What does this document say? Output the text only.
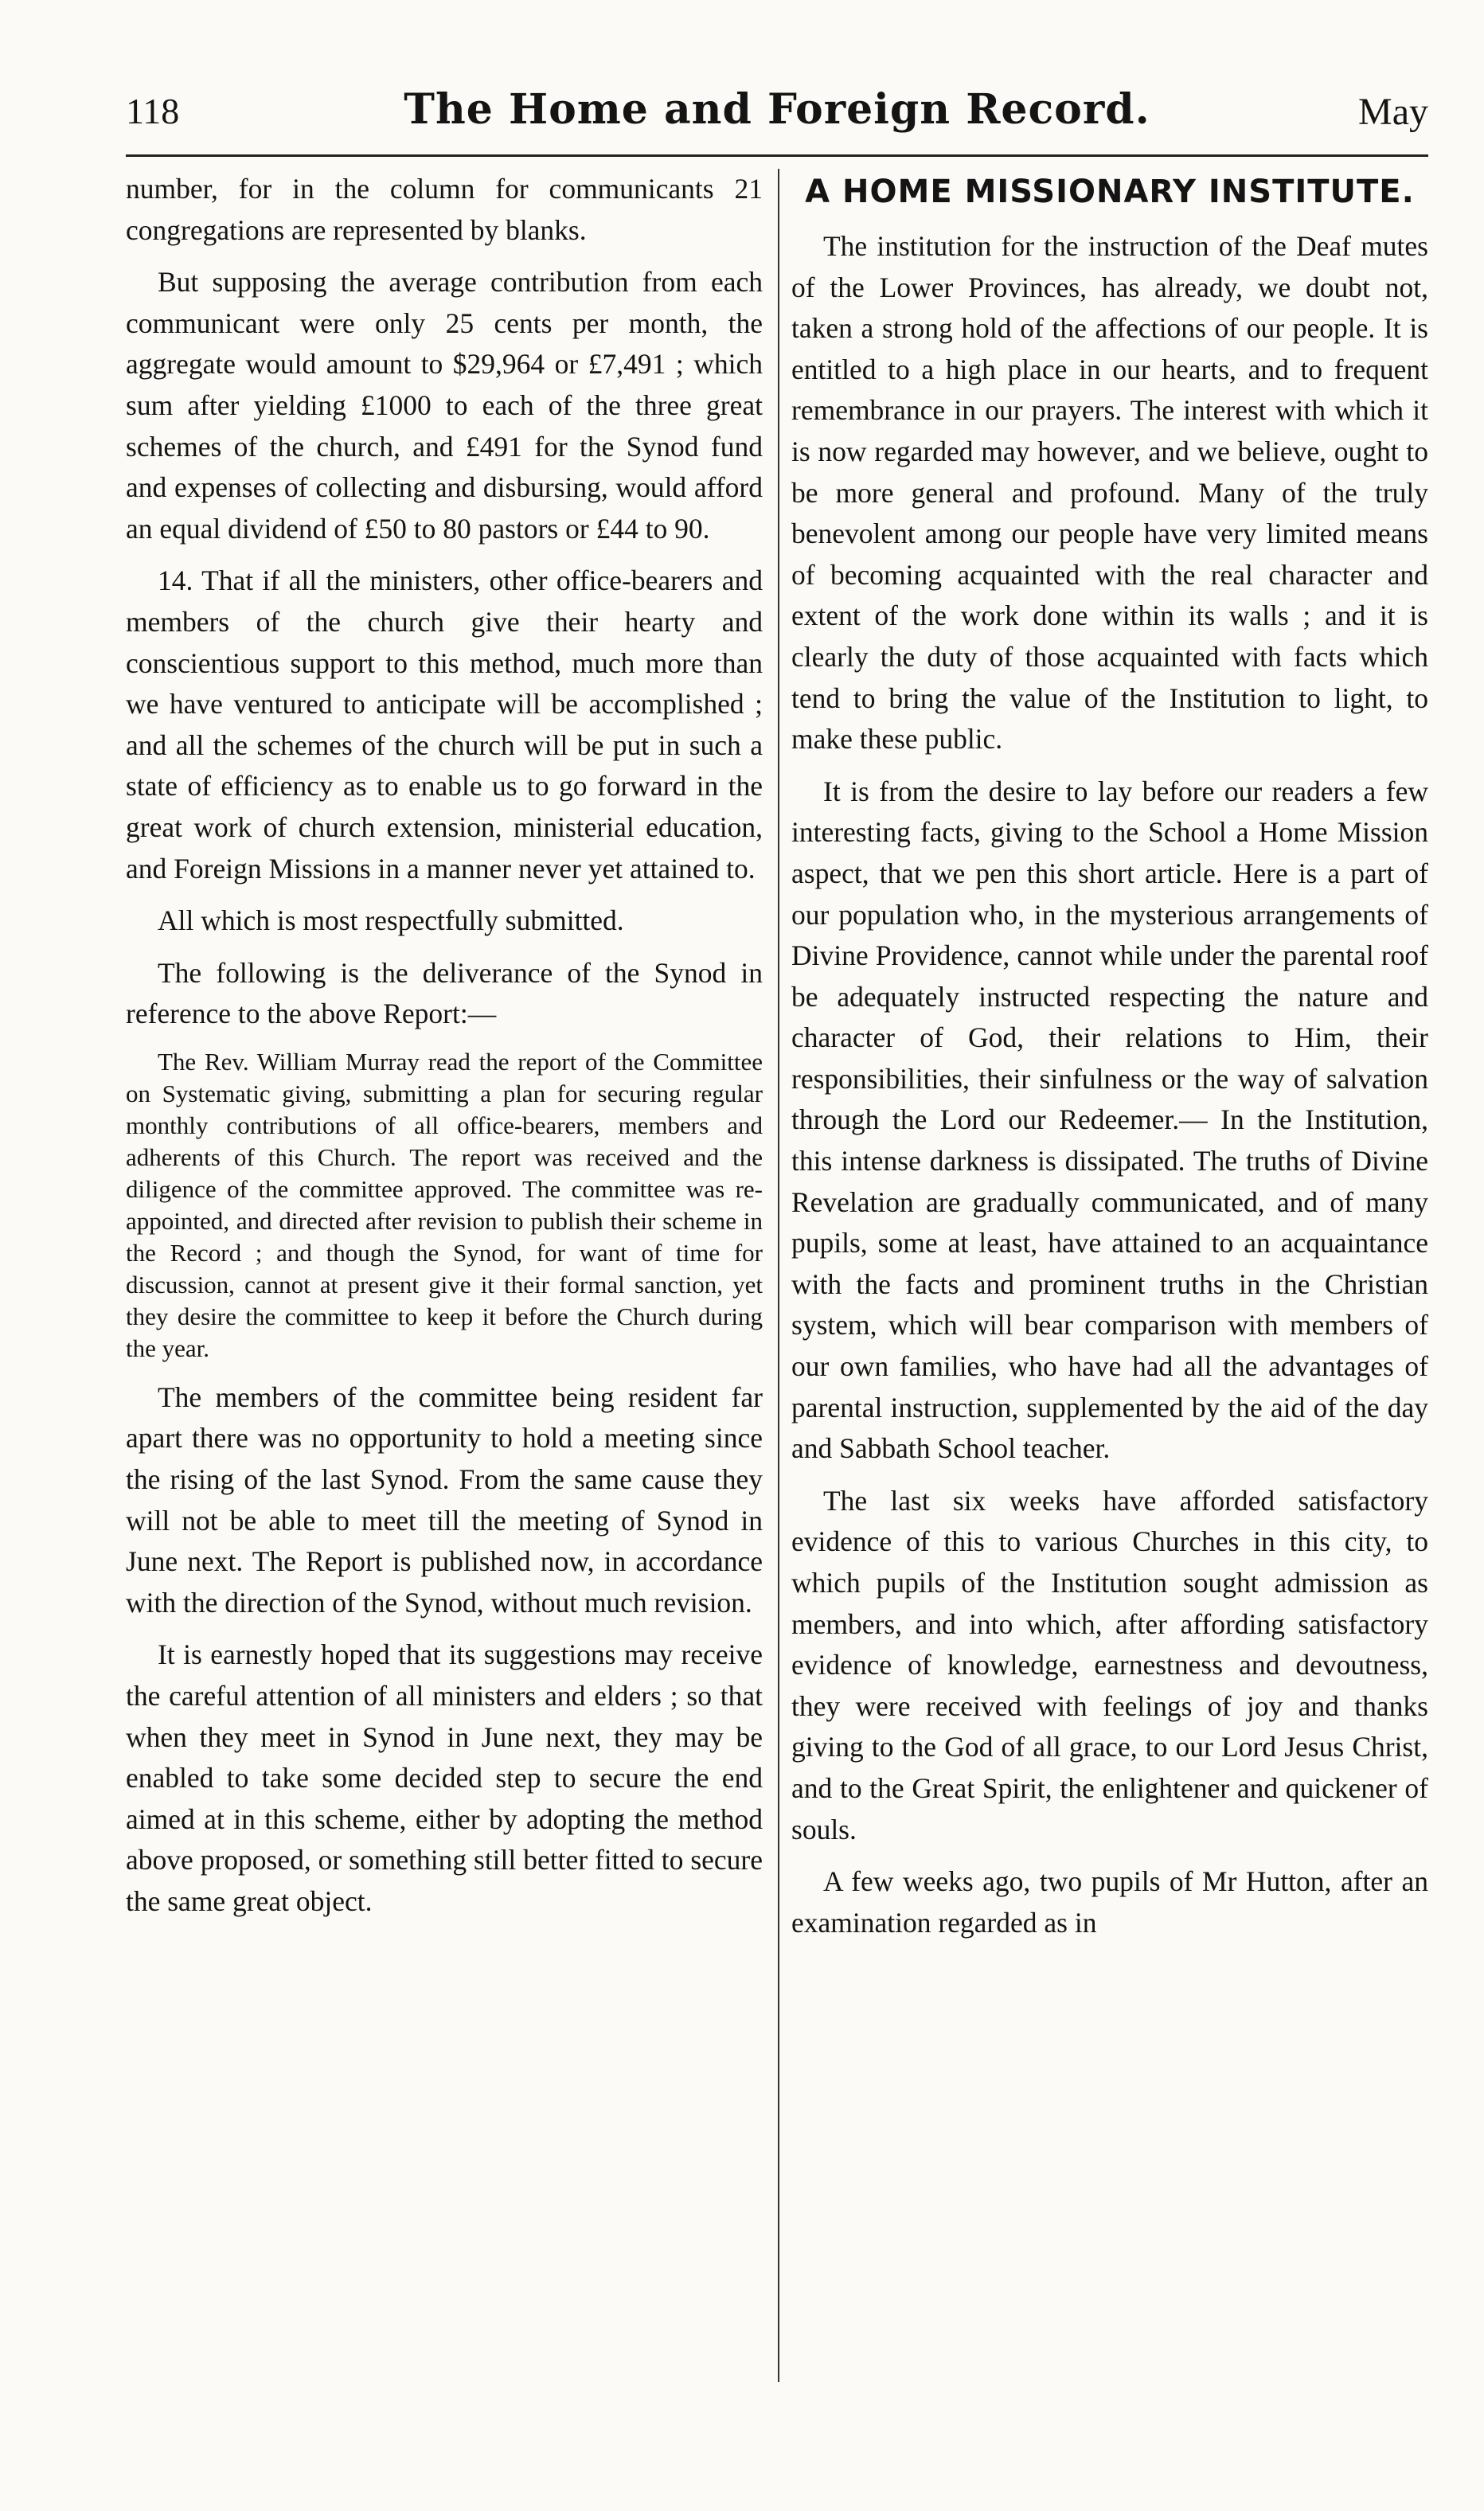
118	The Home and Foreign Record.	May

number, for in the column for communicants 21 congregations are represented by blanks.

But supposing the average contribution from each communicant were only 25 cents per month, the aggregate would amount to $29,964 or £7,491 ; which sum after yielding £1000 to each of the three great schemes of the church, and £491 for the Synod fund and expenses of collecting and disbursing, would afford an equal dividend of £50 to 80 pastors or £44 to 90.

14. That if all the ministers, other office-bearers and members of the church give their hearty and conscientious support to this method, much more than we have ventured to anticipate will be accomplished ; and all the schemes of the church will be put in such a state of efficiency as to enable us to go forward in the great work of church extension, ministerial education, and Foreign Missions in a manner never yet attained to.

All which is most respectfully submitted.

The following is the deliverance of the Synod in reference to the above Report:—

The Rev. William Murray read the report of the Committee on Systematic giving, submitting a plan for securing regular monthly contributions of all office-bearers, members and adherents of this Church. The report was received and the diligence of the committee approved. The committee was re-appointed, and directed after revision to publish their scheme in the Record ; and though the Synod, for want of time for discussion, cannot at present give it their formal sanction, yet they desire the committee to keep it before the Church during the year.

The members of the committee being resident far apart there was no opportunity to hold a meeting since the rising of the last Synod. From the same cause they will not be able to meet till the meeting of Synod in June next. The Report is published now, in accordance with the direction of the Synod, without much revision.

It is earnestly hoped that its suggestions may receive the careful attention of all ministers and elders ; so that when they meet in Synod in June next, they may be enabled to take some decided step to secure the end aimed at in this scheme, either by adopting the method above proposed, or something still better fitted to secure the same great object.

A HOME MISSIONARY INSTITUTE.

The institution for the instruction of the Deaf mutes of the Lower Provinces, has already, we doubt not, taken a strong hold of the affections of our people. It is entitled to a high place in our hearts, and to frequent remembrance in our prayers. The interest with which it is now regarded may however, and we believe, ought to be more general and profound. Many of the truly benevolent among our people have very limited means of becoming acquainted with the real character and extent of the work done within its walls ; and it is clearly the duty of those acquainted with facts which tend to bring the value of the Institution to light, to make these public.

It is from the desire to lay before our readers a few interesting facts, giving to the School a Home Mission aspect, that we pen this short article. Here is a part of our population who, in the mysterious arrangements of Divine Providence, cannot while under the parental roof be adequately instructed respecting the nature and character of God, their relations to Him, their responsibilities, their sinfulness or the way of salvation through the Lord our Redeemer.— In the Institution, this intense darkness is dissipated. The truths of Divine Revelation are gradually communicated, and of many pupils, some at least, have attained to an acquaintance with the facts and prominent truths in the Christian system, which will bear comparison with members of our own families, who have had all the advantages of parental instruction, supplemented by the aid of the day and Sabbath School teacher.

The last six weeks have afforded satisfactory evidence of this to various Churches in this city, to which pupils of the Institution sought admission as members, and into which, after affording satisfactory evidence of knowledge, earnestness and devoutness, they were received with feelings of joy and thanks giving to the God of all grace, to our Lord Jesus Christ, and to the Great Spirit, the enlightener and quickener of souls.

A few weeks ago, two pupils of Mr Hutton, after an examination regarded as in
